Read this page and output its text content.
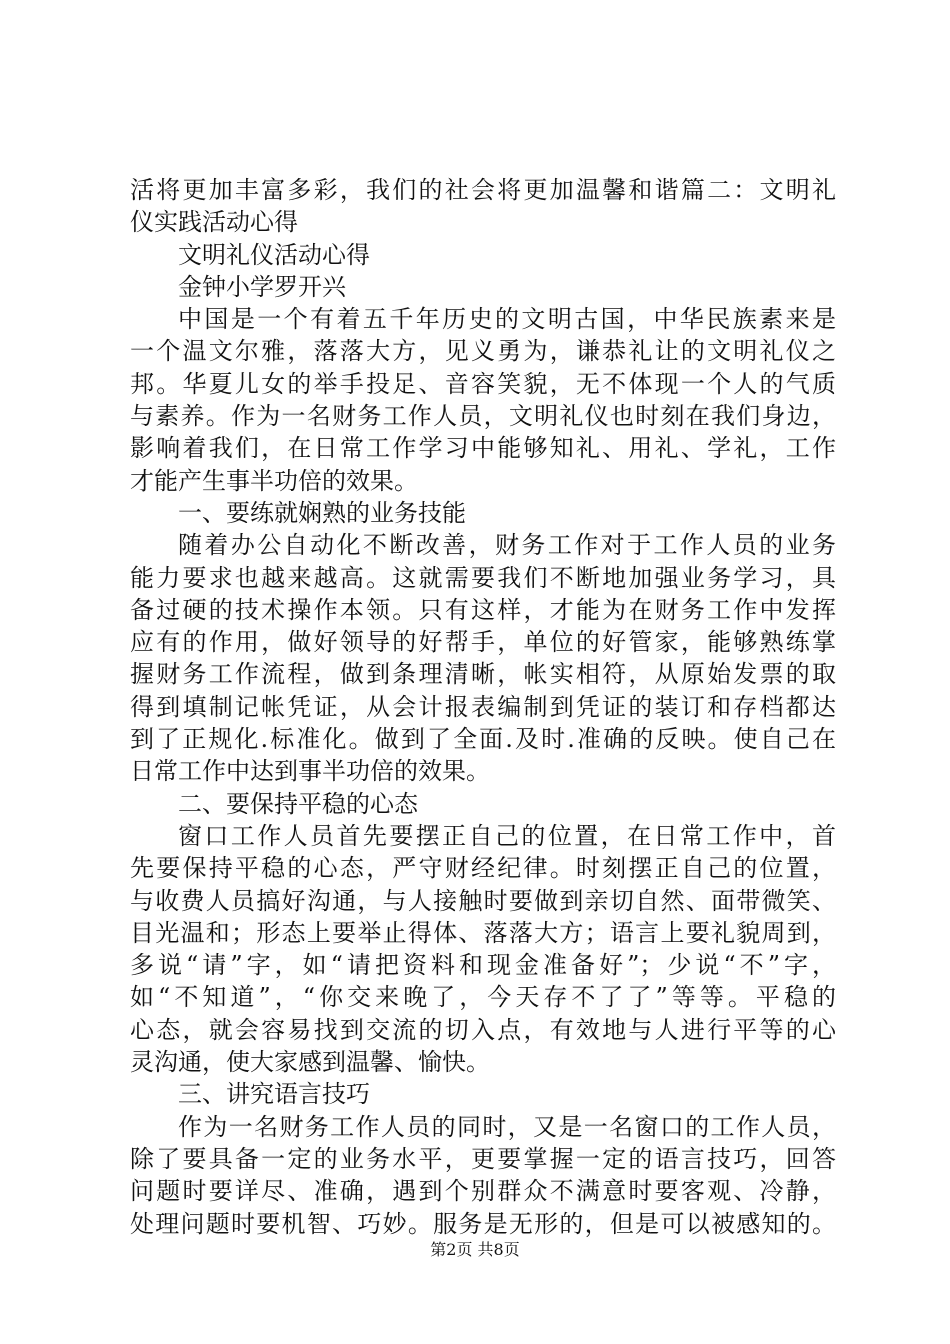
活将更加丰富多彩，我们的社会将更加温馨和谐篇二：文明礼
仪实践活动心得
文明礼仪活动心得
金钟小学罗开兴
中国是一个有着五千年历史的文明古国，中华民族素来是
一个温文尔雅，落落大方，见义勇为，谦恭礼让的文明礼仪之
邦。华夏儿女的举手投足、音容笑貌，无不体现一个人的气质
与素养。作为一名财务工作人员，文明礼仪也时刻在我们身边，
影响着我们，在日常工作学习中能够知礼、用礼、学礼，工作
才能产生事半功倍的效果。
一、要练就娴熟的业务技能
随着办公自动化不断改善，财务工作对于工作人员的业务
能力要求也越来越高。这就需要我们不断地加强业务学习，具
备过硬的技术操作本领。只有这样，才能为在财务工作中发挥
应有的作用，做好领导的好帮手，单位的好管家，能够熟练掌
握财务工作流程，做到条理清晰，帐实相符，从原始发票的取
得到填制记帐凭证，从会计报表编制到凭证的装订和存档都达
到了正规化.标准化。做到了全面.及时.准确的反映。使自己在
日常工作中达到事半功倍的效果。
二、要保持平稳的心态
窗口工作人员首先要摆正自己的位置，在日常工作中，首
先要保持平稳的心态，严守财经纪律。时刻摆正自己的位置，
与收费人员搞好沟通，与人接触时要做到亲切自然、面带微笑、
目光温和；形态上要举止得体、落落大方；语言上要礼貌周到，
多说“请”字，如“请把资料和现金准备好”；少说“不”字，
如“不知道”，“你交来晚了，今天存不了了”等等。平稳的
心态，就会容易找到交流的切入点，有效地与人进行平等的心
灵沟通，使大家感到温馨、愉快。
三、讲究语言技巧
作为一名财务工作人员的同时，又是一名窗口的工作人员，
除了要具备一定的业务水平，更要掌握一定的语言技巧，回答
问题时要详尽、准确，遇到个别群众不满意时要客观、冷静，
处理问题时要机智、巧妙。服务是无形的，但是可以被感知的。
第2页 共8页
